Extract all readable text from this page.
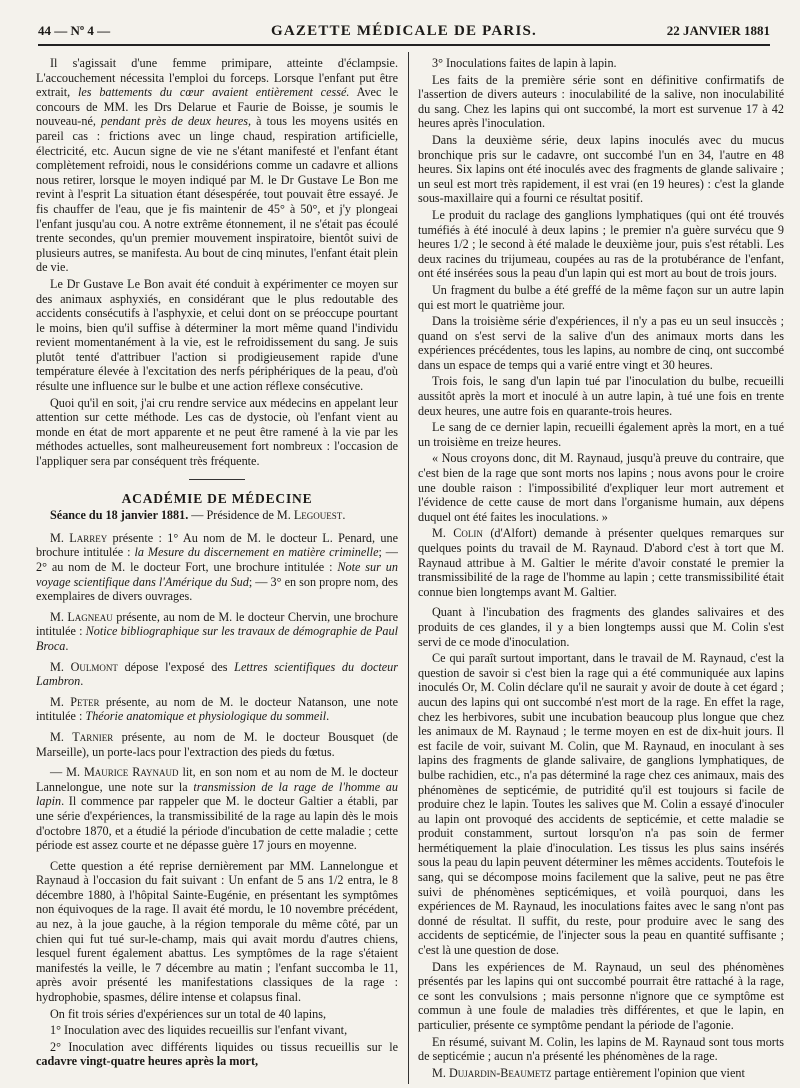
44 — Nº 4 —	GAZETTE MÉDICALE DE PARIS.	22 JANVIER 1881

Il s'agissait d'une femme primipare, atteinte d'éclampsie. L'accouchement nécessita l'emploi du forceps. Lorsque l'enfant put être extrait, les battements du cœur avaient entièrement cessé. Avec le concours de MM. les Drs Delarue et Faurie de Boisse, je soumis le nouveau-né, pendant près de deux heures, à tous les moyens usités en pareil cas : frictions avec un linge chaud, respiration artificielle, électricité, etc. Aucun signe de vie ne s'étant manifesté et l'enfant étant complètement refroidi, nous le considérions comme un cadavre et allions nous retirer, lorsque le moyen indiqué par M. le Dr Gustave Le Bon me revint à l'esprit La situation étant désespérée, tout pouvait être essayé. Je fis chauffer de l'eau, que je fis maintenir de 45° à 50°, et j'y plongeai l'enfant jusqu'au cou. A notre extrême étonnement, il ne s'était pas écoulé trente secondes, qu'un premier mouvement inspiratoire, bientôt suivi de plusieurs autres, se manifesta. Au bout de cinq minutes, l'enfant était plein de vie.

Le Dr Gustave Le Bon avait été conduit à expérimenter ce moyen sur des animaux asphyxiés, en considérant que le plus redoutable des accidents consécutifs à l'asphyxie, et celui dont on se préoccupe pourtant le moins, bien qu'il suffise à déterminer la mort même quand l'individu revient momentanément à la vie, est le refroidissement du sang. Je suis plutôt tenté d'attribuer l'action si prodigieusement rapide d'une température élevée à l'excitation des nerfs périphériques de la peau, d'où résulte une influence sur le bulbe et une action réflexe consécutive.

Quoi qu'il en soit, j'ai cru rendre service aux médecins en appelant leur attention sur cette méthode. Les cas de dystocie, où l'enfant vient au monde en état de mort apparente et ne peut être ramené à la vie par les méthodes actuelles, sont malheureusement fort nombreux : l'occasion de l'appliquer sera par conséquent très fréquente.

ACADÉMIE DE MÉDECINE

Séance du 18 janvier 1881. — Présidence de M. Legouest.

M. Larrey présente : 1° Au nom de M. le docteur L. Penard, une brochure intitulée : la Mesure du discernement en matière criminelle; — 2° au nom de M. le docteur Fort, une brochure intitulée : Note sur un voyage scientifique dans l'Amérique du Sud; — 3° en son propre nom, des exemplaires de divers ouvrages.

M. Lagneau présente, au nom de M. le docteur Chervin, une brochure intitulée : Notice bibliographique sur les travaux de démographie de Paul Broca.

M. Oulmont dépose l'exposé des Lettres scientifiques du docteur Lambron.

M. Peter présente, au nom de M. le docteur Natanson, une note intitulée : Théorie anatomique et physiologique du sommeil.

M. Tarnier présente, au nom de M. le docteur Bousquet (de Marseille), un porte-lacs pour l'extraction des pieds du fœtus.

— M. Maurice Raynaud lit, en son nom et au nom de M. le docteur Lannelongue, une note sur la transmission de la rage de l'homme au lapin. Il commence par rappeler que M. le docteur Galtier a établi, par une série d'expériences, la transmissibilité de la rage au lapin dès le mois d'octobre 1870, et a étudié la période d'incubation de cette maladie ; cette période est assez courte et ne dépasse guère 17 jours en moyenne.

Cette question a été reprise dernièrement par MM. Lannelongue et Raynaud à l'occasion du fait suivant : Un enfant de 5 ans 1/2 entra, le 8 décembre 1880, à l'hôpital Sainte-Eugénie, en présentant les symptômes non équivoques de la rage. Il avait été mordu, le 10 novembre précédent, au nez, à la joue gauche, à la région temporale du même côté, par un chien qui fut tué sur-le-champ, mais qui avait mordu d'autres chiens, lesquel furent également abattus. Les symptômes de la rage s'étaient manifestés la veille, le 7 décembre au matin ; l'enfant succomba le 11, après avoir présenté les manifestations classiques de la rage : hydrophobie, spasmes, délire intense et colapsus final.

On fit trois séries d'expériences sur un total de 40 lapins,

1° Inoculation avec des liquides recueillis sur l'enfant vivant,

2° Inoculation avec différents liquides ou tissus recueillis sur le cadavre vingt-quatre heures après la mort,

3° Inoculations faites de lapin à lapin.

Les faits de la première série sont en définitive confirmatifs de l'assertion de divers auteurs : inoculabilité de la salive, non inoculabilité du sang. Chez les lapins qui ont succombé, la mort est survenue 17 à 42 heures après l'inoculation.

Dans la deuxième série, deux lapins inoculés avec du mucus bronchique pris sur le cadavre, ont succombé l'un en 34, l'autre en 48 heures. Six lapins ont été inoculés avec des fragments de glande salivaire ; un seul est mort très rapidement, il est vrai (en 19 heures) : c'est la glande sous-maxillaire qui a fourni ce résultat positif.

Le produit du raclage des ganglions lymphatiques (qui ont été trouvés tuméfiés à été inoculé à deux lapins ; le premier n'a guère survécu que 9 heures 1/2 ; le second à été malade le deuxième jour, puis s'est rétabli. Les deux racines du trijumeau, coupées au ras de la protubérance de l'enfant, ont été insérées sous la peau d'un lapin qui est mort au bout de trois jours.

Un fragment du bulbe a été greffé de la même façon sur un autre lapin qui est mort le quatrième jour.

Dans la troisième série d'expériences, il n'y a pas eu un seul insuccès ; quand on s'est servi de la salive d'un des animaux morts dans les expériences précédentes, tous les lapins, au nombre de cinq, ont succombé dans un espace de temps qui a varié entre vingt et 30 heures.

Trois fois, le sang d'un lapin tué par l'inoculation du bulbe, recueilli aussitôt après la mort et inoculé à un autre lapin, à tué une fois en trente deux heures, une autre fois en quarante-trois heures.

Le sang de ce dernier lapin, recueilli également après la mort, en a tué un troisième en treize heures.

« Nous croyons donc, dit M. Raynaud, jusqu'à preuve du contraire, que c'est bien de la rage que sont morts nos lapins ; nous avons pour le croire une double raison : l'impossibilité d'expliquer leur mort autrement et l'évidence de cette cause de mort dans l'organisme humain, aux dépens duquel ont été faites les inoculations. »

M. Colin (d'Alfort) demande à présenter quelques remarques sur quelques points du travail de M. Raynaud. D'abord c'est à tort que M. Raynaud attribue à M. Galtier le mérite d'avoir constaté le premier la transmissibilité de la rage de l'homme au lapin ; cette transmissibilité était connue bien longtemps avant M. Galtier.

Quant à l'incubation des fragments des glandes salivaires et des produits de ces glandes, il y a bien longtemps aussi que M. Colin s'est servi de ce mode d'inoculation.

Ce qui paraît surtout important, dans le travail de M. Raynaud, c'est la question de savoir si c'est bien la rage qui a été communiquée aux lapins inoculés Or, M. Colin déclare qu'il ne saurait y avoir de doute à cet égard ; aucun des lapins qui ont succombé n'est mort de la rage. En effet la rage, chez les herbivores, subit une incubation beaucoup plus longue que chez les animaux de M. Raynaud ; le terme moyen en est de dix-huit jours. Il est facile de voir, suivant M. Colin, que M. Raynaud, en inoculant à ses lapins des fragments de glande salivaire, de ganglions lymphatiques, de bulbe rachidien, etc., n'a pas déterminé la rage chez ces animaux, mais des phénomènes de septicémie, de putridité qu'il est toujours si facile de produire chez le lapin. Toutes les salives que M. Colin a essayé d'inoculer au lapin ont provoqué des accidents de septicémie, et cette maladie se produit constamment, surtout lorsqu'on n'a pas soin de fermer hermétiquement la plaie d'inoculation. Les tissus les plus sains insérés sous la peau du lapin peuvent déterminer les mêmes accidents. Toutefois le sang, qui se décompose moins facilement que la salive, peut ne pas être suivi de phénomènes septicémiques, et voilà pourquoi, dans les expériences de M. Raynaud, les inoculations faites avec le sang n'ont pas donné de résultat. Il suffit, du reste, pour produire avec le sang des accidents de septicémie, de l'injecter sous la peau en quantité suffisante ; c'est là une question de dose.

Dans les expériences de M. Raynaud, un seul des phénomènes présentés par les lapins qui ont succombé pourrait être rattaché à la rage, ce sont les convulsions ; mais personne n'ignore que ce symptôme est commun à une foule de maladies très différentes, et que le lapin, en particulier, présente ce symptôme pendant la période de l'agonie.

En résumé, suivant M. Colin, les lapins de M. Raynaud sont tous morts de septicémie ; aucun n'a présenté les phénomènes de la rage.

M. Dujardin-Beaumetz partage entièrement l'opinion que vient
